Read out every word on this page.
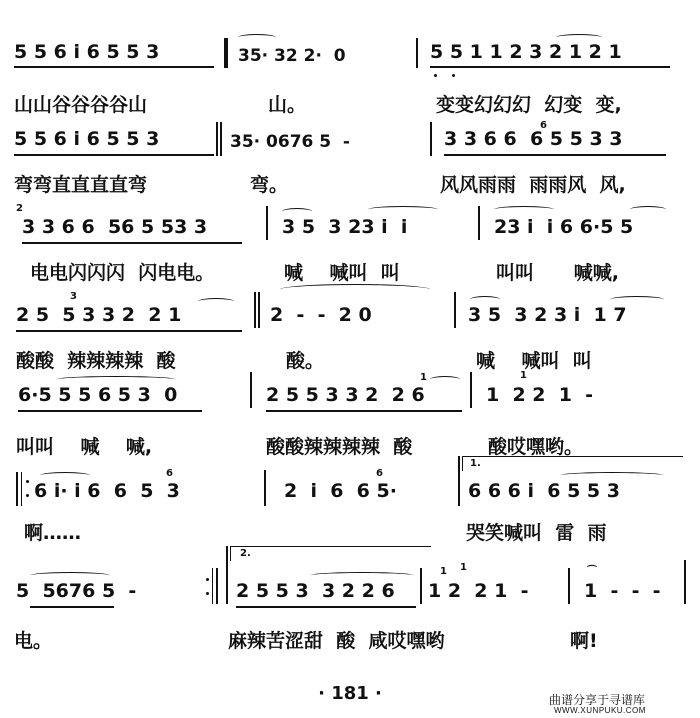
5 5 6 i 6 5 5 3	35· 32 2·  0	5 5 1 1 2 3 2 1 2 1
山山谷谷谷谷山	山。	变变幻幻幻  幻变  变,
5 5 6 i 6 5 5 3	35· 0676 5  -	3 3 6 6  6 5 5 3 3
6
弯弯直直直直弯	弯。	风风雨雨  雨雨风  风,
2
3 3 6 6  56 5 53 3	3 5  3 23 i  i	23 i  i 6 6·5 5
电电闪闪闪  闪电电。	喊    喊叫  叫	叫叫      喊喊,
3
2 5  5 3 3 2  2 1	2  -  -  2 0	3 5  3 2 3 i  1 7
酸酸  辣辣辣辣  酸	酸。	喊    喊叫  叫
6·5 5 5 6 5 3  0	2 5 5 3 3 2  2 6	1  2 2  1  -
1	1
叫叫    喊    喊,	酸酸辣辣辣辣  酸	酸哎嘿哟。
6 i· i 6  6  5  3	2  i  6  6 5·	6 6 6 i  6 5 5 3
1.
6	6
啊……	哭笑喊叫  雷  雨
5  5676 5  -
2.
2 5 5 3  3 2 2 6 1 2  2 1  -	1  -  -  -
1 1	⌒
电。	麻辣苦涩甜  酸  咸哎嘿哟	啊!
· 181 ·	曲谱分享于寻谱库
WWW.XUNPUKU.COM
